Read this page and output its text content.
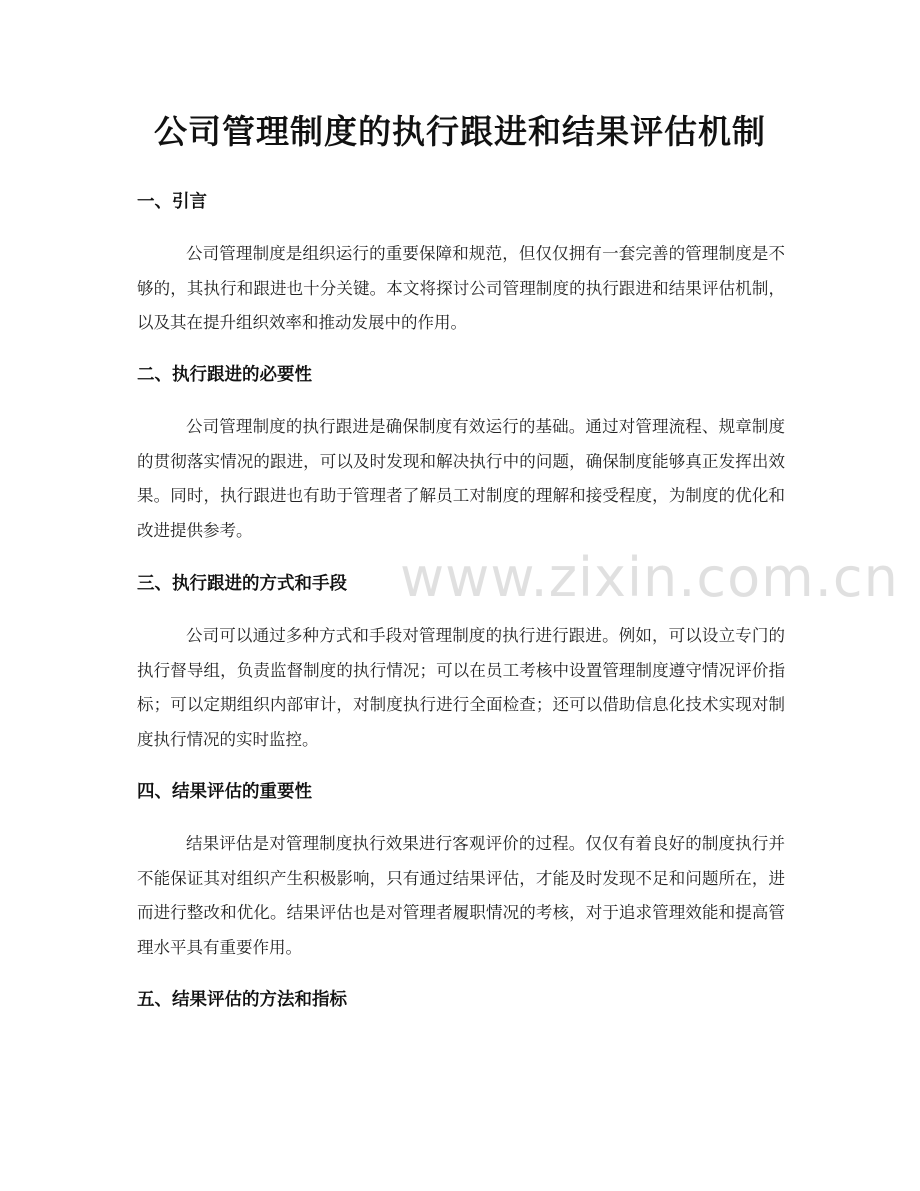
公司管理制度的执行跟进和结果评估机制
一、引言

公司管理制度是组织运行的重要保障和规范，但仅仅拥有一套完善的管理制度是不够的，其执行和跟进也十分关键。本文将探讨公司管理制度的执行跟进和结果评估机制，以及其在提升组织效率和推动发展中的作用。

二、执行跟进的必要性

公司管理制度的执行跟进是确保制度有效运行的基础。通过对管理流程、规章制度的贯彻落实情况的跟进，可以及时发现和解决执行中的问题，确保制度能够真正发挥出效果。同时，执行跟进也有助于管理者了解员工对制度的理解和接受程度，为制度的优化和改进提供参考。

三、执行跟进的方式和手段

公司可以通过多种方式和手段对管理制度的执行进行跟进。例如，可以设立专门的执行督导组，负责监督制度的执行情况；可以在员工考核中设置管理制度遵守情况评价指标；可以定期组织内部审计，对制度执行进行全面检查；还可以借助信息化技术实现对制度执行情况的实时监控。

四、结果评估的重要性

结果评估是对管理制度执行效果进行客观评价的过程。仅仅有着良好的制度执行并不能保证其对组织产生积极影响，只有通过结果评估，才能及时发现不足和问题所在，进而进行整改和优化。结果评估也是对管理者履职情况的考核，对于追求管理效能和提高管理水平具有重要作用。

五、结果评估的方法和指标
www.zixin.com.cn
